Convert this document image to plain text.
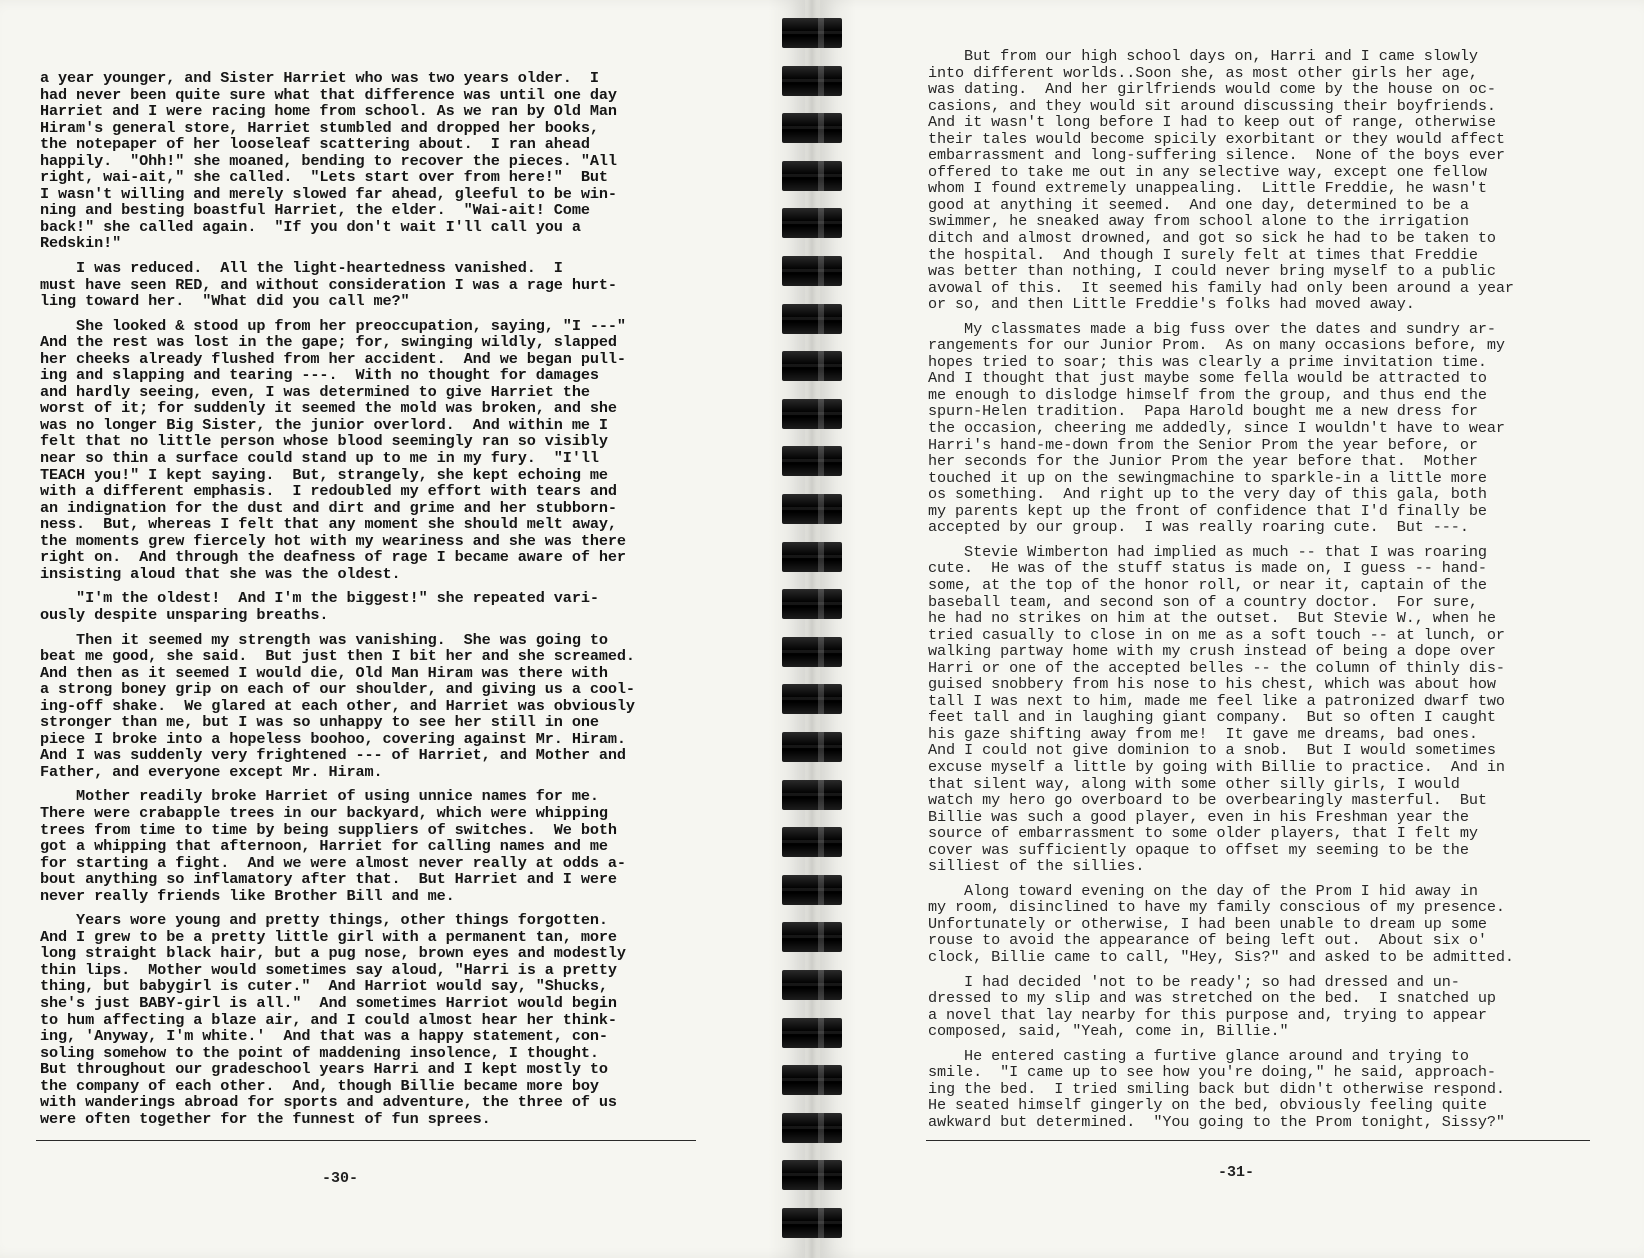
a year younger, and Sister Harriet who was two years older.  I
had never been quite sure what that difference was until one day
Harriet and I were racing home from school. As we ran by Old Man
Hiram's general store, Harriet stumbled and dropped her books,
the notepaper of her looseleaf scattering about.  I ran ahead
happily.  "Ohh!" she moaned, bending to recover the pieces. "All
right, wai-ait," she called.  "Lets start over from here!"  But
I wasn't willing and merely slowed far ahead, gleeful to be win-
ning and besting boastful Harriet, the elder.  "Wai-ait! Come
back!" she called again.  "If you don't wait I'll call you a
Redskin!"
I was reduced.  All the light-heartedness vanished.  I
must have seen RED, and without consideration I was a rage hurt-
ling toward her.  "What did you call me?"
She looked & stood up from her preoccupation, saying, "I ---"
And the rest was lost in the gape; for, swinging wildly, slapped
her cheeks already flushed from her accident.  And we began pull-
ing and slapping and tearing ---.  With no thought for damages
and hardly seeing, even, I was determined to give Harriet the
worst of it; for suddenly it seemed the mold was broken, and she
was no longer Big Sister, the junior overlord.  And within me I
felt that no little person whose blood seemingly ran so visibly
near so thin a surface could stand up to me in my fury.  "I'll
TEACH you!" I kept saying.  But, strangely, she kept echoing me
with a different emphasis.  I redoubled my effort with tears and
an indignation for the dust and dirt and grime and her stubborn-
ness.  But, whereas I felt that any moment she should melt away,
the moments grew fiercely hot with my weariness and she was there
right on.  And through the deafness of rage I became aware of her
insisting aloud that she was the oldest.
"I'm the oldest!  And I'm the biggest!" she repeated vari-
ously despite unsparing breaths.
Then it seemed my strength was vanishing.  She was going to
beat me good, she said.  But just then I bit her and she screamed.
And then as it seemed I would die, Old Man Hiram was there with
a strong boney grip on each of our shoulder, and giving us a cool-
ing-off shake.  We glared at each other, and Harriet was obviously
stronger than me, but I was so unhappy to see her still in one
piece I broke into a hopeless boohoo, covering against Mr. Hiram.
And I was suddenly very frightened --- of Harriet, and Mother and
Father, and everyone except Mr. Hiram.
Mother readily broke Harriet of using unnice names for me.
There were crabapple trees in our backyard, which were whipping
trees from time to time by being suppliers of switches.  We both
got a whipping that afternoon, Harriet for calling names and me
for starting a fight.  And we were almost never really at odds a-
bout anything so inflamatory after that.  But Harriet and I were
never really friends like Brother Bill and me.
Years wore young and pretty things, other things forgotten.
And I grew to be a pretty little girl with a permanent tan, more
long straight black hair, but a pug nose, brown eyes and modestly
thin lips.  Mother would sometimes say aloud, "Harri is a pretty
thing, but babygirl is cuter."  And Harriot would say, "Shucks,
she's just BABY-girl is all."  And sometimes Harriot would begin
to hum affecting a blaze air, and I could almost hear her think-
ing, 'Anyway, I'm white.'  And that was a happy statement, con-
soling somehow to the point of maddening insolence, I thought.
But throughout our gradeschool years Harri and I kept mostly to
the company of each other.  And, though Billie became more boy
with wanderings abroad for sports and adventure, the three of us
were often together for the funnest of fun sprees.
-30-
But from our high school days on, Harri and I came slowly
into different worlds..Soon she, as most other girls her age,
was dating.  And her girlfriends would come by the house on oc-
casions, and they would sit around discussing their boyfriends.
And it wasn't long before I had to keep out of range, otherwise
their tales would become spicily exorbitant or they would affect
embarrassment and long-suffering silence.  None of the boys ever
offered to take me out in any selective way, except one fellow
whom I found extremely unappealing.  Little Freddie, he wasn't
good at anything it seemed.  And one day, determined to be a
swimmer, he sneaked away from school alone to the irrigation
ditch and almost drowned, and got so sick he had to be taken to
the hospital.  And though I surely felt at times that Freddie
was better than nothing, I could never bring myself to a public
avowal of this.  It seemed his family had only been around a year
or so, and then Little Freddie's folks had moved away.
My classmates made a big fuss over the dates and sundry ar-
rangements for our Junior Prom.  As on many occasions before, my
hopes tried to soar; this was clearly a prime invitation time.
And I thought that just maybe some fella would be attracted to
me enough to dislodge himself from the group, and thus end the
spurn-Helen tradition.  Papa Harold bought me a new dress for
the occasion, cheering me addedly, since I wouldn't have to wear
Harri's hand-me-down from the Senior Prom the year before, or
her seconds for the Junior Prom the year before that.  Mother
touched it up on the sewingmachine to sparkle-in a little more
os something.  And right up to the very day of this gala, both
my parents kept up the front of confidence that I'd finally be
accepted by our group.  I was really roaring cute.  But ---.
Stevie Wimberton had implied as much -- that I was roaring
cute.  He was of the stuff status is made on, I guess -- hand-
some, at the top of the honor roll, or near it, captain of the
baseball team, and second son of a country doctor.  For sure,
he had no strikes on him at the outset.  But Stevie W., when he
tried casually to close in on me as a soft touch -- at lunch, or
walking partway home with my crush instead of being a dope over
Harri or one of the accepted belles -- the column of thinly dis-
guised snobbery from his nose to his chest, which was about how
tall I was next to him, made me feel like a patronized dwarf two
feet tall and in laughing giant company.  But so often I caught
his gaze shifting away from me!  It gave me dreams, bad ones.
And I could not give dominion to a snob.  But I would sometimes
excuse myself a little by going with Billie to practice.  And in
that silent way, along with some other silly girls, I would
watch my hero go overboard to be overbearingly masterful.  But
Billie was such a good player, even in his Freshman year the
source of embarrassment to some older players, that I felt my
cover was sufficiently opaque to offset my seeming to be the
silliest of the sillies.
Along toward evening on the day of the Prom I hid away in
my room, disinclined to have my family conscious of my presence.
Unfortunately or otherwise, I had been unable to dream up some
rouse to avoid the appearance of being left out.  About six o'
clock, Billie came to call, "Hey, Sis?" and asked to be admitted.
I had decided 'not to be ready'; so had dressed and un-
dressed to my slip and was stretched on the bed.  I snatched up
a novel that lay nearby for this purpose and, trying to appear
composed, said, "Yeah, come in, Billie."
He entered casting a furtive glance around and trying to
smile.  "I came up to see how you're doing," he said, approach-
ing the bed.  I tried smiling back but didn't otherwise respond.
He seated himself gingerly on the bed, obviously feeling quite
awkward but determined.  "You going to the Prom tonight, Sissy?"
-31-
